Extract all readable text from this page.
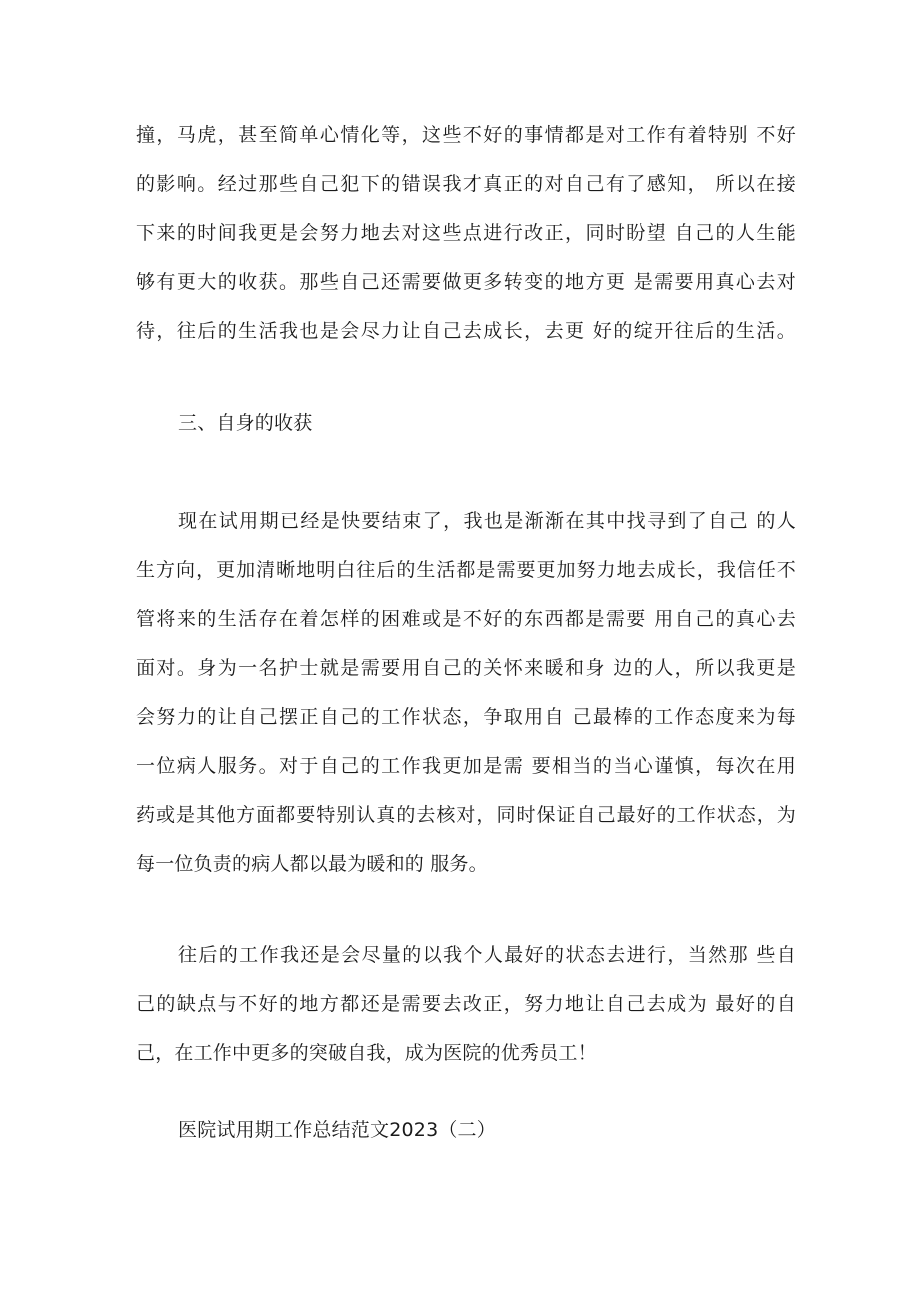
撞，马虎，甚至简单心情化等，这些不好的事情都是对工作有着特别 不好
的影响。经过那些自己犯下的错误我才真正的对自己有了感知， 所以在接
下来的时间我更是会努力地去对这些点进行改正，同时盼望 自己的人生能
够有更大的收获。那些自己还需要做更多转变的地方更 是需要用真心去对
待，往后的生活我也是会尽力让自己去成长，去更 好的绽开往后的生活。
三、自身的收获
现在试用期已经是快要结束了，我也是渐渐在其中找寻到了自己 的人
生方向，更加清晰地明白往后的生活都是需要更加努力地去成长，我信任不
管将来的生活存在着怎样的困难或是不好的东西都是需要 用自己的真心去
面对。身为一名护士就是需要用自己的关怀来暖和身 边的人，所以我更是
会努力的让自己摆正自己的工作状态，争取用自 己最棒的工作态度来为每
一位病人服务。对于自己的工作我更加是需 要相当的当心谨慎，每次在用
药或是其他方面都要特别认真的去核对，同时保证自己最好的工作状态，为
每一位负责的病人都以最为暖和的 服务。
往后的工作我还是会尽量的以我个人最好的状态去进行，当然那 些自
己的缺点与不好的地方都还是需要去改正，努力地让自己去成为 最好的自
己，在工作中更多的突破自我，成为医院的优秀员工！
医院试用期工作总结范文2023（二）
